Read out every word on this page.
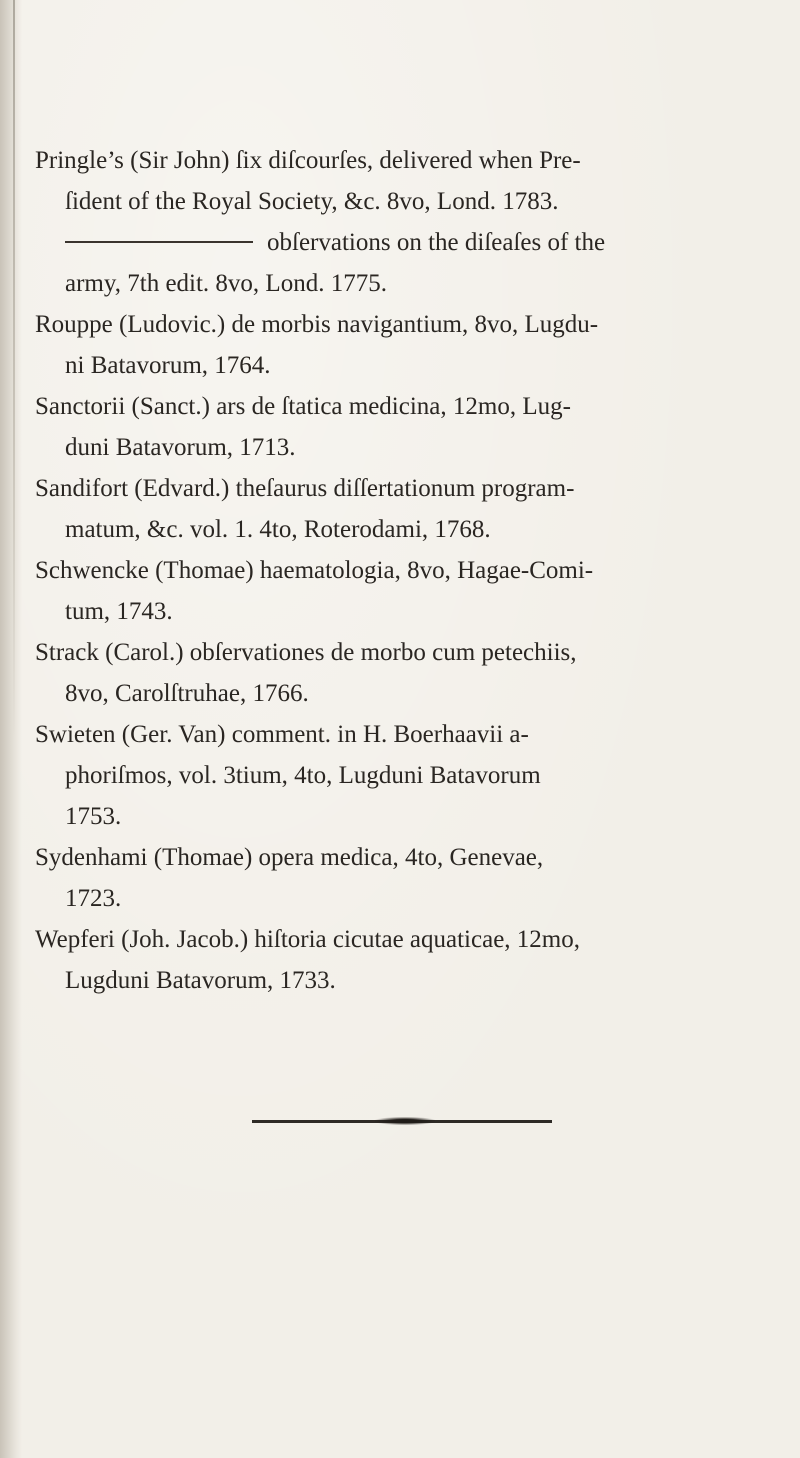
Pringle’s (Sir John) ſix diſcourſes, delivered when Pre-
ſident of the Royal Society, &c. 8vo, Lond. 1783.
obſervations on the diſeaſes of the
army, 7th edit. 8vo, Lond. 1775.
Rouppe (Ludovic.) de morbis navigantium, 8vo, Lugdu-
ni Batavorum, 1764.
Sanctorii (Sanct.) ars de ſtatica medicina, 12mo, Lug-
duni Batavorum, 1713.
Sandifort (Edvard.) theſaurus diſſertationum program-
matum, &c. vol. 1. 4to, Roterodami, 1768.
Schwencke (Thomae) haematologia, 8vo, Hagae-Comi-
tum, 1743.
Strack (Carol.) obſervationes de morbo cum petechiis,
8vo, Carolſtruhae, 1766.
Swieten (Ger. Van) comment. in H. Boerhaavii a-
phoriſmos, vol. 3tium, 4to, Lugduni Batavorum
1753.
Sydenhami (Thomae) opera medica, 4to, Genevae,
1723.
Wepferi (Joh. Jacob.) hiſtoria cicutae aquaticae, 12mo,
Lugduni Batavorum, 1733.
